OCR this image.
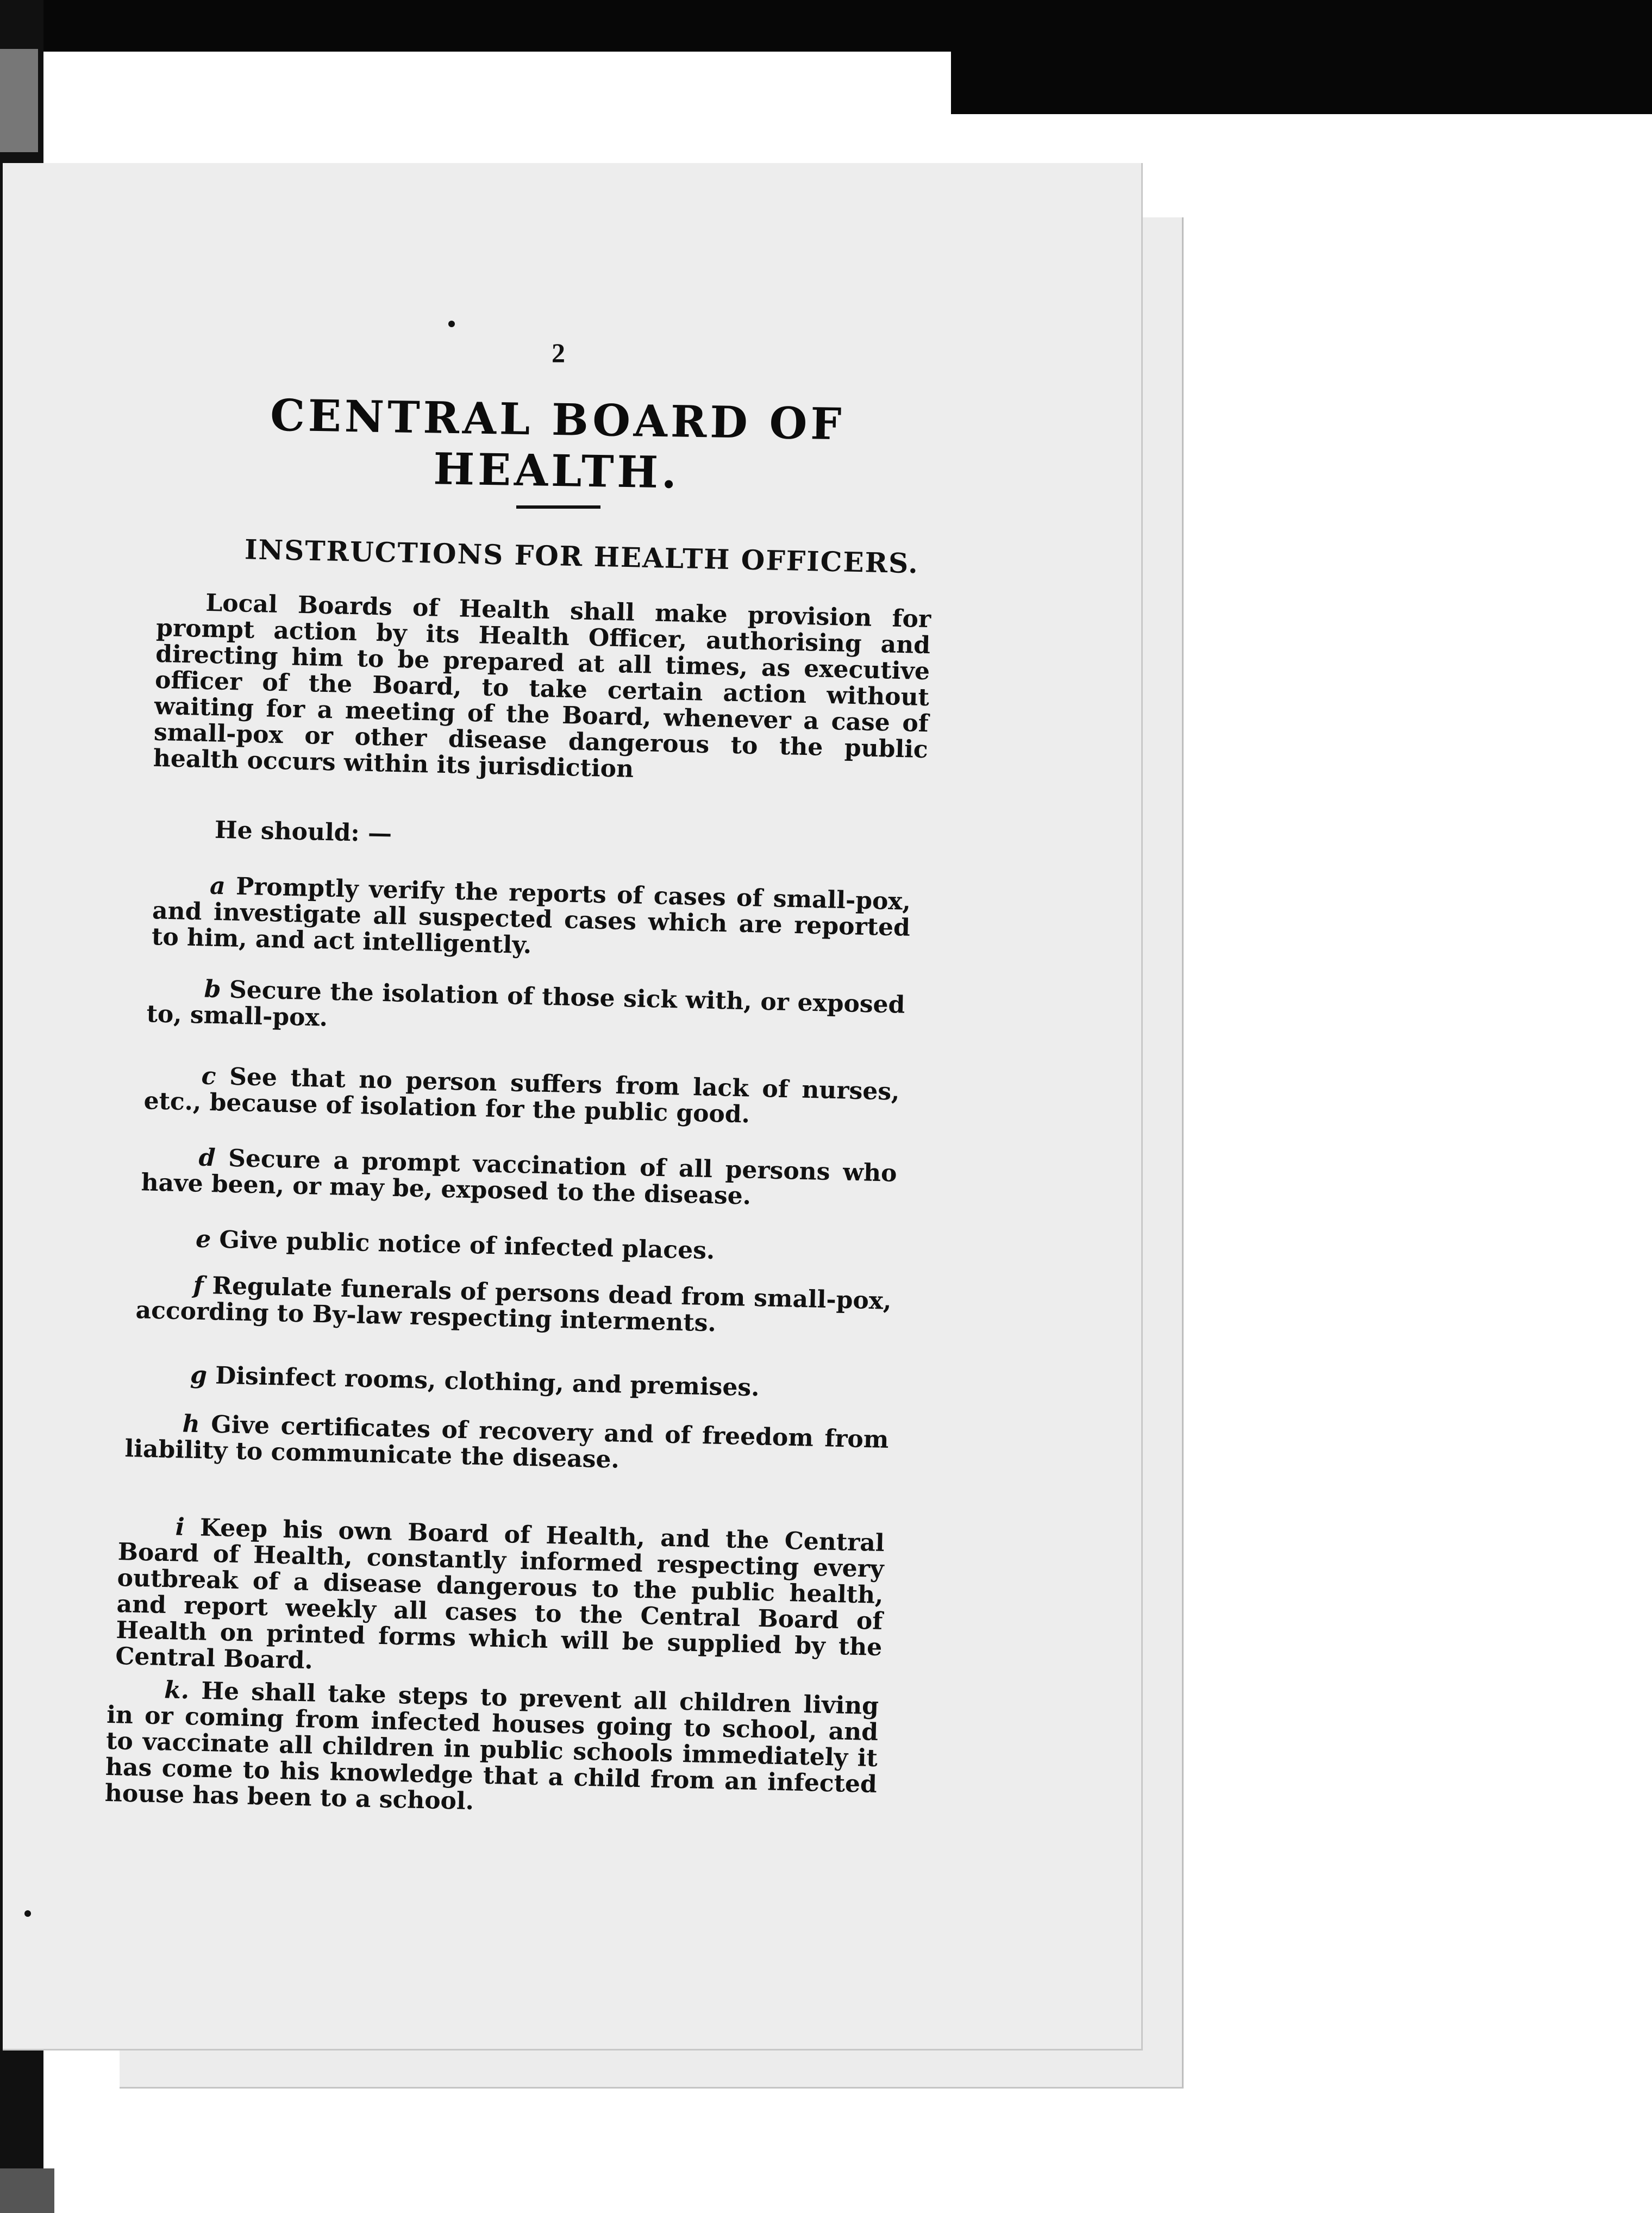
2
CENTRAL BOARD OF HEALTH.
INSTRUCTIONS FOR HEALTH OFFICERS.
Local Boards of Health shall make provision for prompt action by its Health Officer, authorising and directing him to be prepared at all times, as executive officer of the Board, to take certain action without waiting for a meeting of the Board, whenever a case of small-pox or other disease dangerous to the public health occurs within its jurisdiction
He should: —
a Promptly verify the reports of cases of small-pox, and investigate all suspected cases which are reported to him, and act intelligently.
b Secure the isolation of those sick with, or exposed to, small-pox.
c See that no person suffers from lack of nurses, etc., because of isolation for the public good.
d Secure a prompt vaccination of all persons who have been, or may be, exposed to the disease.
e Give public notice of infected places.
f Regulate funerals of persons dead from small-pox, according to By-law respecting interments.
g Disinfect rooms, clothing, and premises.
h Give certificates of recovery and of freedom from liability to communicate the disease.
i Keep his own Board of Health, and the Central Board of Health, constantly informed respecting every outbreak of a disease dangerous to the public health, and report weekly all cases to the Central Board of Health on printed forms which will be supplied by the Central Board.
k. He shall take steps to prevent all children living in or coming from infected houses going to school, and to vaccinate all children in public schools immediately it has come to his knowledge that a child from an infected house has been to a school.
